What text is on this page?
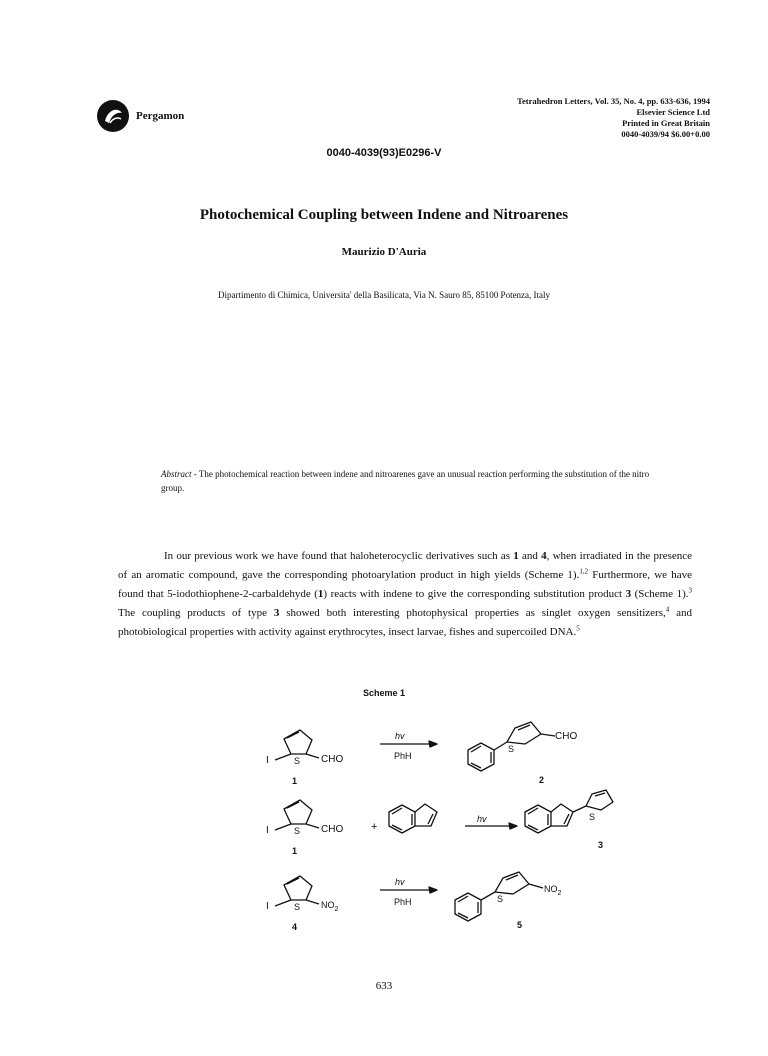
Pergamon
Tetrahedron Letters, Vol. 35, No. 4, pp. 633-636, 1994
Elsevier Science Ltd
Printed in Great Britain
0040-4039/94 $6.00+0.00
0040-4039(93)E0296-V
Photochemical Coupling between Indene and Nitroarenes
Maurizio D'Auria
Dipartimento di Chimica, Universita' della Basilicata, Via N. Sauro 85, 85100 Potenza, Italy
Abstract - The photochemical reaction between indene and nitroarenes gave an unusual reaction performing the substitution of the nitro group.
In our previous work we have found that haloheterocyclic derivatives such as 1 and 4, when irradiated in the presence of an aromatic compound, gave the corresponding photoarylation product in high yields (Scheme 1).$^{1,2}$ Furthermore, we have found that 5-iodothiophene-2-carbaldehyde (1) reacts with indene to give the corresponding substitution product 3 (Scheme 1).$^3$ The coupling products of type 3 showed both interesting photophysical properties as singlet oxygen sensitizers,$^4$ and photobiological properties with activity against erythrocytes, insect larvae, fishes and supercoiled DNA.$^5$
Scheme 1
I	S CHO
1
hv
PhH
S
CHO
2
I	S CHO
1
+
hv	S
3
I	S $NO_2$
4
hv
PhH	S
$NO_2$
5
633
